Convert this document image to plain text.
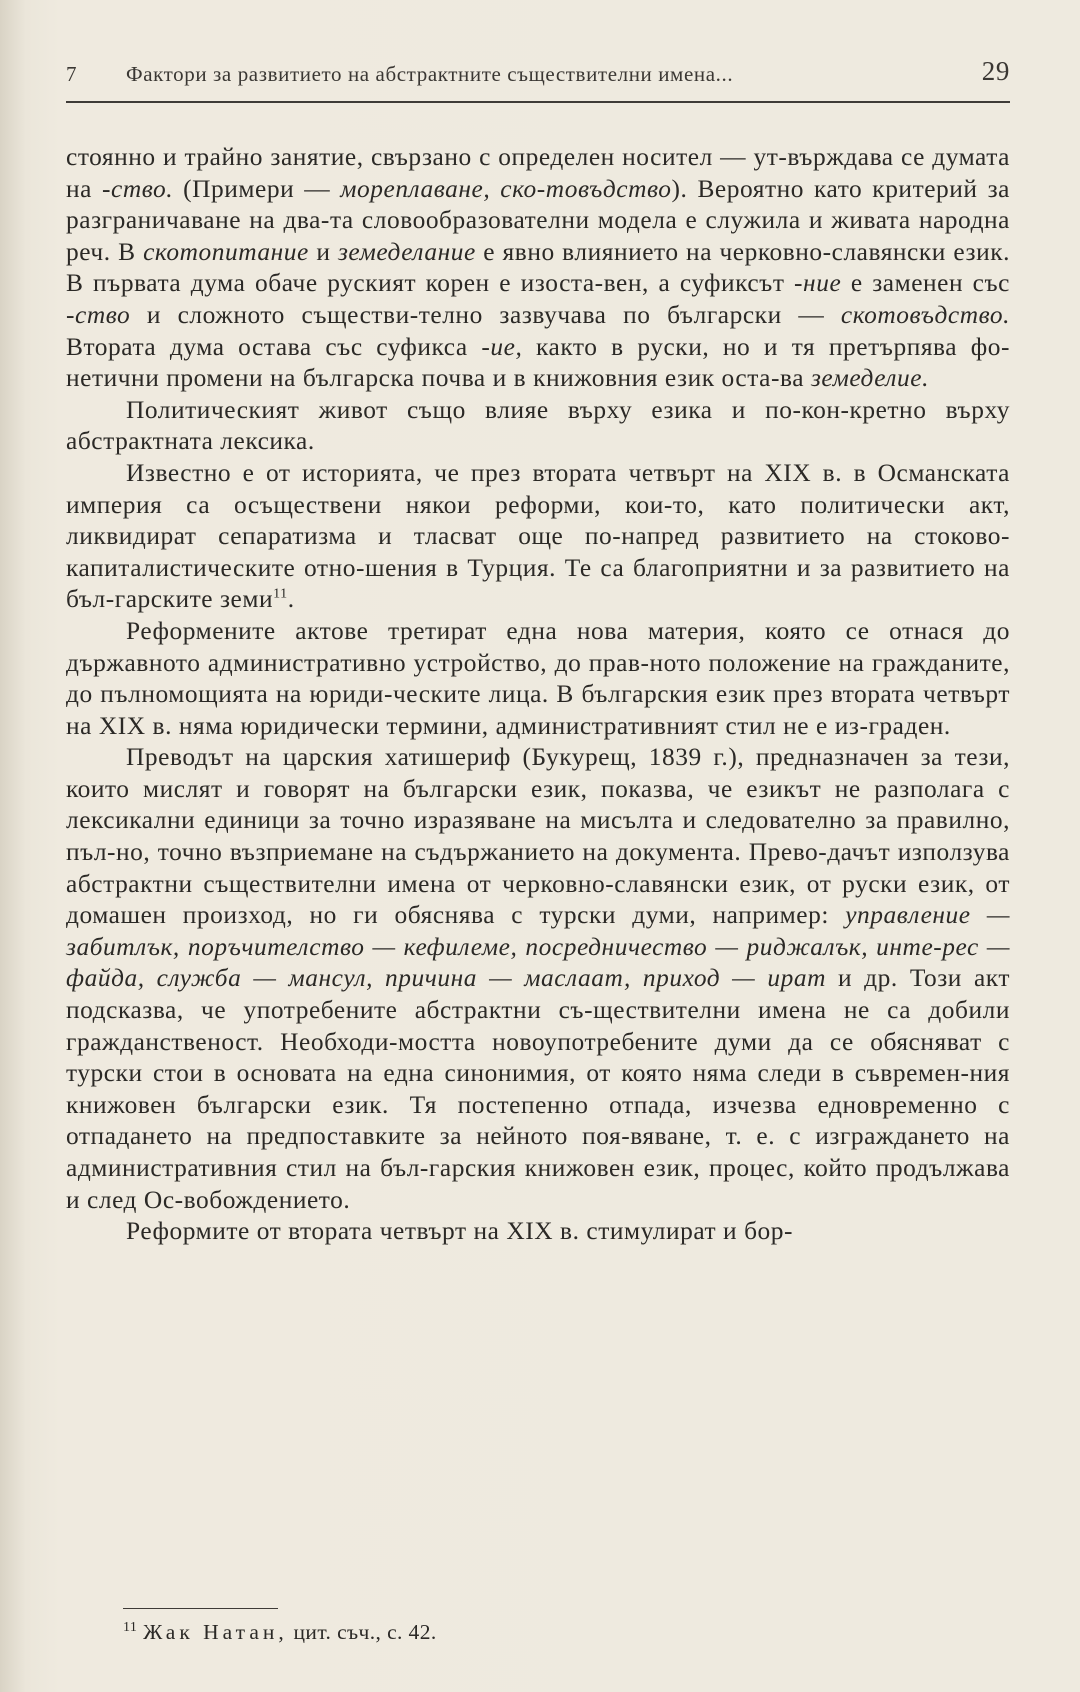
7 Фактори за развитието на абстрактните съществителни имена...	29

стоянно и трайно занятие, свързано с определен носител — ут-върждава се думата на -ство. (Примери — мореплаване, ско-товъдство). Вероятно като критерий за разграничаване на два-та словообразователни модела е служила и живата народна реч. В скотопитание и земеделание е явно влиянието на черковно-славянски език. В първата дума обаче руският корен е изоста-вен, а суфиксът -ние е заменен със -ство и сложното съществи-телно зазвучава по български — скотовъдство. Втората дума остава със суфикса -ие, както в руски, но и тя претърпява фо-нетични промени на българска почва и в книжовния език оста-ва земеделие.

Политическият живот също влияе върху езика и по-кон-кретно върху абстрактната лексика.

Известно е от историята, че през втората четвърт на XIX в. в Османската империя са осъществени някои реформи, кои-то, като политически акт, ликвидират сепаратизма и тласват още по-напред развитието на стоково-капиталистическите отно-шения в Турция. Те са благоприятни и за развитието на бъл-гарските земи$^{11}$.

Реформените актове третират една нова материя, която се отнася до държавното административно устройство, до прав-ното положение на гражданите, до пълномощията на юриди-ческите лица. В българския език през втората четвърт на XIX в. няма юридически термини, административният стил не е из-граден.

Преводът на царския хатишериф (Букурещ, 1839 г.), предназначен за тези, които мислят и говорят на български език, показва, че езикът не разполага с лексикални единици за точно изразяване на мисълта и следователно за правилно, пъл-но, точно възприемане на съдържанието на документа. Прево-дачът използува абстрактни съществителни имена от черковно-славянски език, от руски език, от домашен произход, но ги обяснява с турски думи, например: управление — забитлък, поръчителство — кефилеме, посредничество — риджалък, инте-рес — файда, служба — мансул, причина — маслаат, приход — ират и др. Този акт подсказва, че употребените абстрактни съ-ществителни имена не са добили гражданственост. Необходи-мостта новоупотребените думи да се обясняват с турски стои в основата на една синонимия, от която няма следи в съвремен-ния книжовен български език. Тя постепенно отпада, изчезва едновременно с отпадането на предпоставките за нейното поя-вяване, т. е. с изграждането на административния стил на бъл-гарския книжовен език, процес, който продължава и след Ос-вобождението.

Реформите от втората четвърт на XIX в. стимулират и бор-

$^{11}$ Жак Натан, цит. съч., с. 42.
